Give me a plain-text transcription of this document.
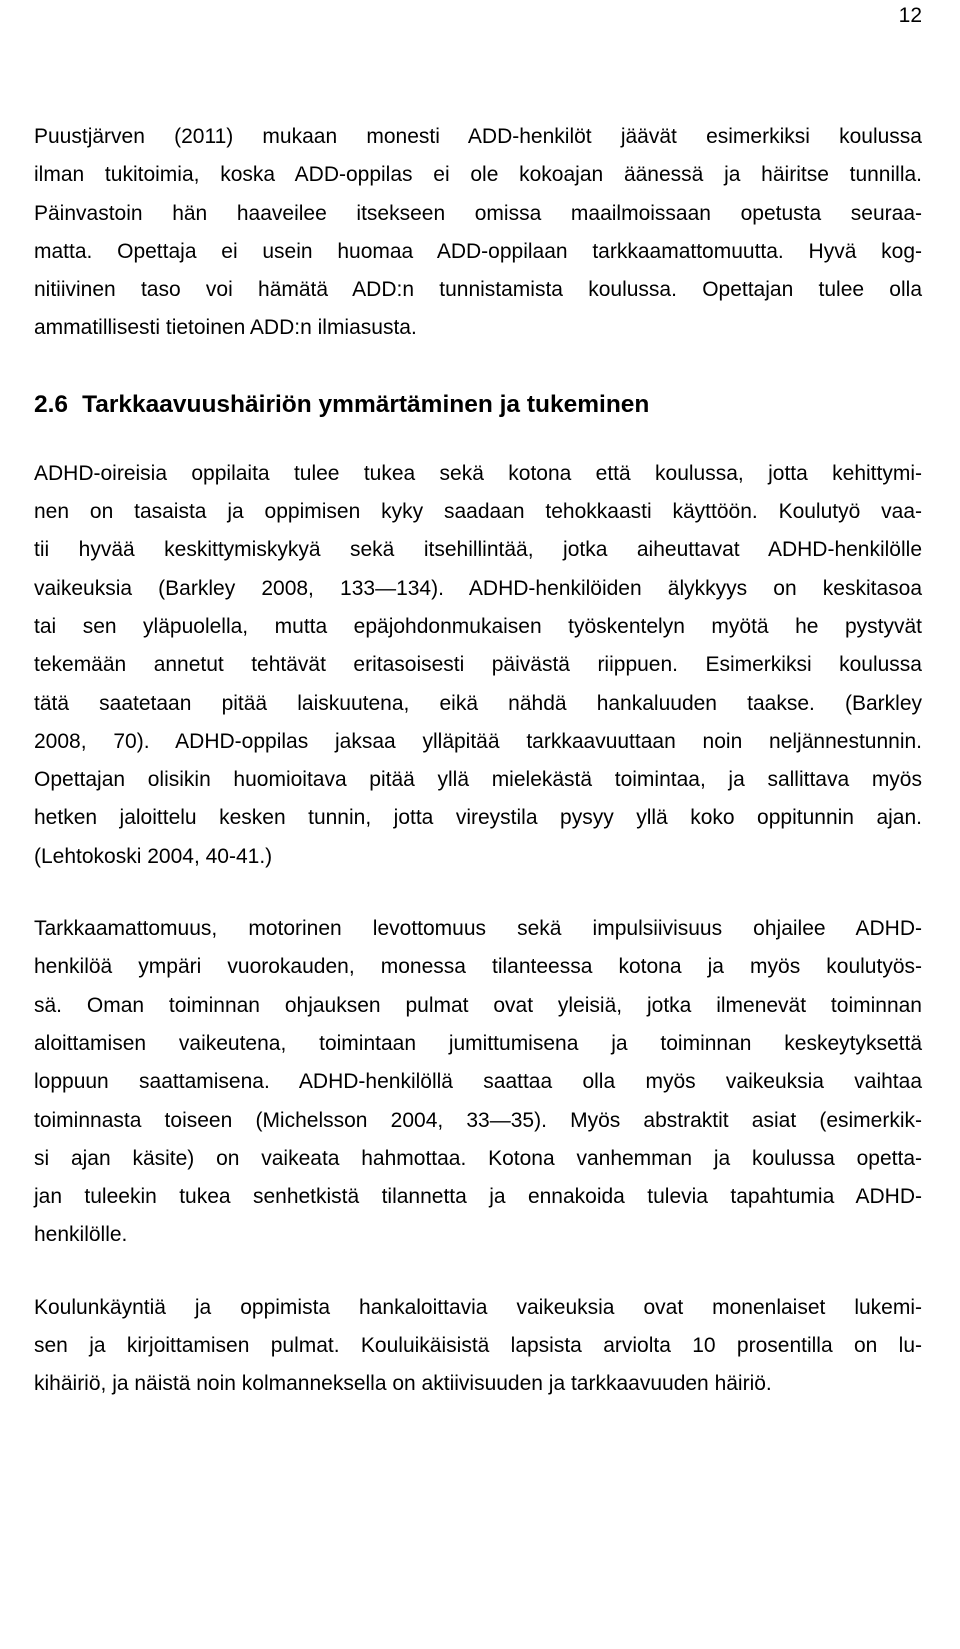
12

Puustjärven (2011) mukaan monesti ADD-henkilöt jäävät esimerkiksi koulussa
ilman tukitoimia, koska ADD-oppilas ei ole kokoajan äänessä ja häiritse tunnilla.
Päinvastoin hän haaveilee itsekseen omissa maailmoissaan opetusta seuraa-
matta. Opettaja ei usein huomaa ADD-oppilaan tarkkaamattomuutta. Hyvä kog-
nitiivinen taso voi hämätä ADD:n tunnistamista koulussa. Opettajan tulee olla
ammatillisesti tietoinen ADD:n ilmiasusta.

2.6 Tarkkaavuushäiriön ymmärtäminen ja tukeminen

ADHD-oireisia oppilaita tulee tukea sekä kotona että koulussa, jotta kehittymi-
nen on tasaista ja oppimisen kyky saadaan tehokkaasti käyttöön. Koulutyö vaa-
tii hyvää keskittymiskykyä sekä itsehillintää, jotka aiheuttavat ADHD-henkilölle
vaikeuksia (Barkley 2008, 133—134). ADHD-henkilöiden älykkyys on keskitasoa
tai sen yläpuolella, mutta epäjohdonmukaisen työskentelyn myötä he pystyvät
tekemään annetut tehtävät eritasoisesti päivästä riippuen. Esimerkiksi koulussa
tätä saatetaan pitää laiskuutena, eikä nähdä hankaluuden taakse. (Barkley
2008, 70). ADHD-oppilas jaksaa ylläpitää tarkkaavuuttaan noin neljännestunnin.
Opettajan olisikin huomioitava pitää yllä mielekästä toimintaa, ja sallittava myös
hetken jaloittelu kesken tunnin, jotta vireystila pysyy yllä koko oppitunnin ajan.
(Lehtokoski 2004, 40-41.)

Tarkkaamattomuus, motorinen levottomuus sekä impulsiivisuus ohjailee ADHD-
henkilöä ympäri vuorokauden, monessa tilanteessa kotona ja myös koulutyös-
sä. Oman toiminnan ohjauksen pulmat ovat yleisiä, jotka ilmenevät toiminnan
aloittamisen vaikeutena, toimintaan jumittumisena ja toiminnan keskeytyksettä
loppuun saattamisena. ADHD-henkilöllä saattaa olla myös vaikeuksia vaihtaa
toiminnasta toiseen (Michelsson 2004, 33—35). Myös abstraktit asiat (esimerkik-
si ajan käsite) on vaikeata hahmottaa. Kotona vanhemman ja koulussa opetta-
jan tuleekin tukea senhetkistä tilannetta ja ennakoida tulevia tapahtumia ADHD-
henkilölle.

Koulunkäyntiä ja oppimista hankaloittavia vaikeuksia ovat monenlaiset lukemi-
sen ja kirjoittamisen pulmat. Kouluikäisistä lapsista arviolta 10 prosentilla on lu-
kihäiriö, ja näistä noin kolmanneksella on aktiivisuuden ja tarkkaavuuden häiriö.
